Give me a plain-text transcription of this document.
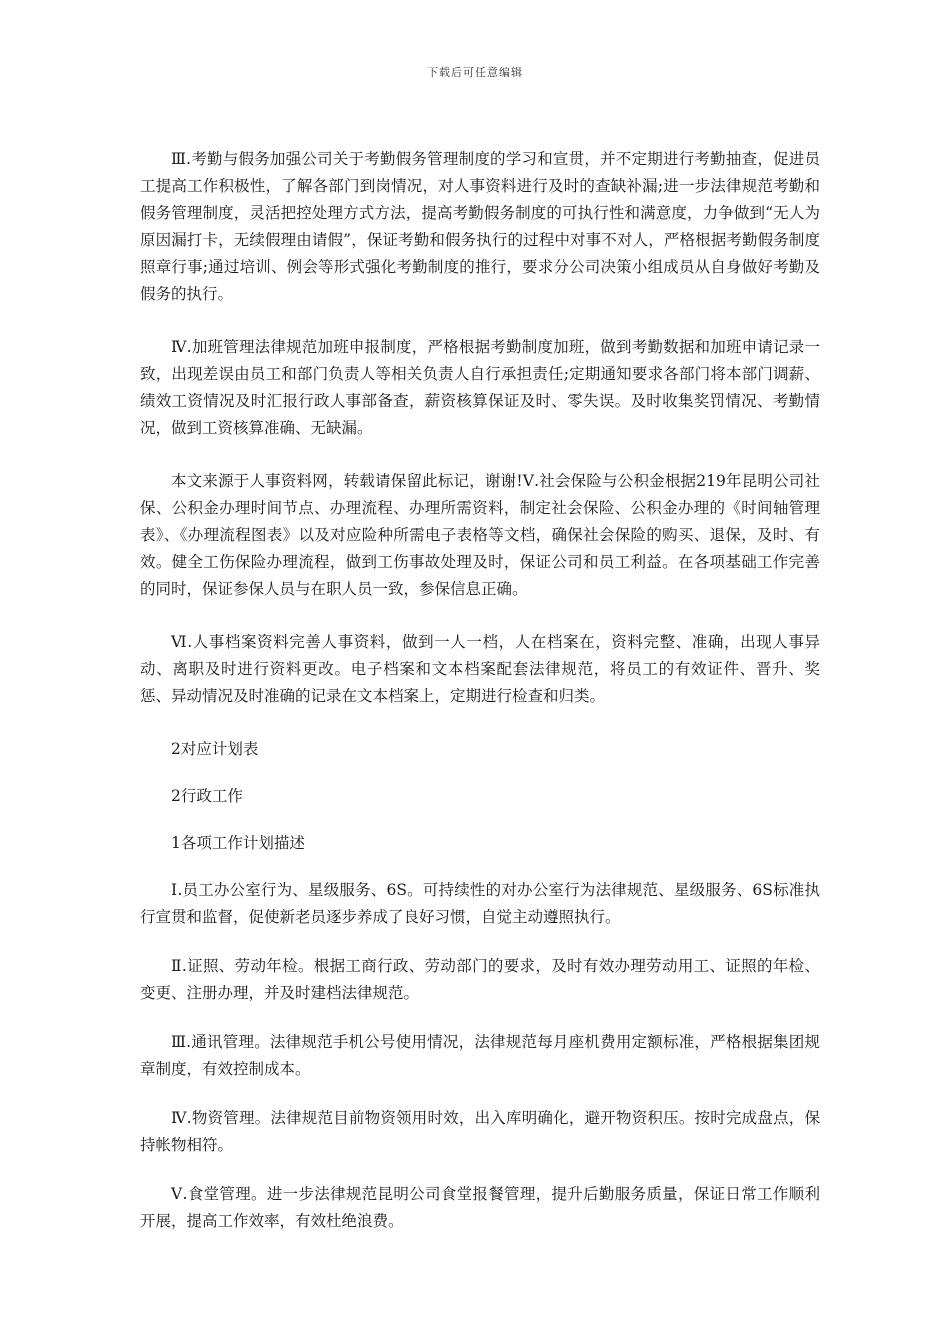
下载后可任意编辑

Ⅲ.考勤与假务加强公司关于考勤假务管理制度的学习和宣贯，并不定期进行考勤抽查，促进员工提高工作积极性，了解各部门到岗情况，对人事资料进行及时的查缺补漏;进一步法律规范考勤和假务管理制度，灵活把控处理方式方法，提高考勤假务制度的可执行性和满意度，力争做到“无人为原因漏打卡，无续假理由请假”，保证考勤和假务执行的过程中对事不对人，严格根据考勤假务制度照章行事;通过培训、例会等形式强化考勤制度的推行，要求分公司决策小组成员从自身做好考勤及假务的执行。

Ⅳ.加班管理法律规范加班申报制度，严格根据考勤制度加班，做到考勤数据和加班申请记录一致，出现差误由员工和部门负责人等相关负责人自行承担责任;定期通知要求各部门将本部门调薪、绩效工资情况及时汇报行政人事部备查，薪资核算保证及时、零失误。及时收集奖罚情况、考勤情况，做到工资核算准确、无缺漏。

本文来源于人事资料网，转载请保留此标记，谢谢!Ⅴ.社会保险与公积金根据219年昆明公司社保、公积金办理时间节点、办理流程、办理所需资料，制定社会保险、公积金办理的《时间轴管理表》、《办理流程图表》以及对应险种所需电子表格等文档，确保社会保险的购买、退保，及时、有效。健全工伤保险办理流程，做到工伤事故处理及时，保证公司和员工利益。在各项基础工作完善的同时，保证参保人员与在职人员一致，参保信息正确。

Ⅵ.人事档案资料完善人事资料，做到一人一档，人在档案在，资料完整、准确，出现人事异动、离职及时进行资料更改。电子档案和文本档案配套法律规范，将员工的有效证件、晋升、奖惩、异动情况及时准确的记录在文本档案上，定期进行检查和归类。

2对应计划表

2行政工作

1各项工作计划描述

Ⅰ.员工办公室行为、星级服务、6S。可持续性的对办公室行为法律规范、星级服务、6S标准执行宣贯和监督，促使新老员逐步养成了良好习惯，自觉主动遵照执行。

Ⅱ.证照、劳动年检。根据工商行政、劳动部门的要求，及时有效办理劳动用工、证照的年检、变更、注册办理，并及时建档法律规范。

Ⅲ.通讯管理。法律规范手机公号使用情况，法律规范每月座机费用定额标准，严格根据集团规章制度，有效控制成本。

Ⅳ.物资管理。法律规范目前物资领用时效，出入库明确化，避开物资积压。按时完成盘点，保持帐物相符。

Ⅴ.食堂管理。进一步法律规范昆明公司食堂报餐管理，提升后勤服务质量，保证日常工作顺利开展，提高工作效率，有效杜绝浪费。
